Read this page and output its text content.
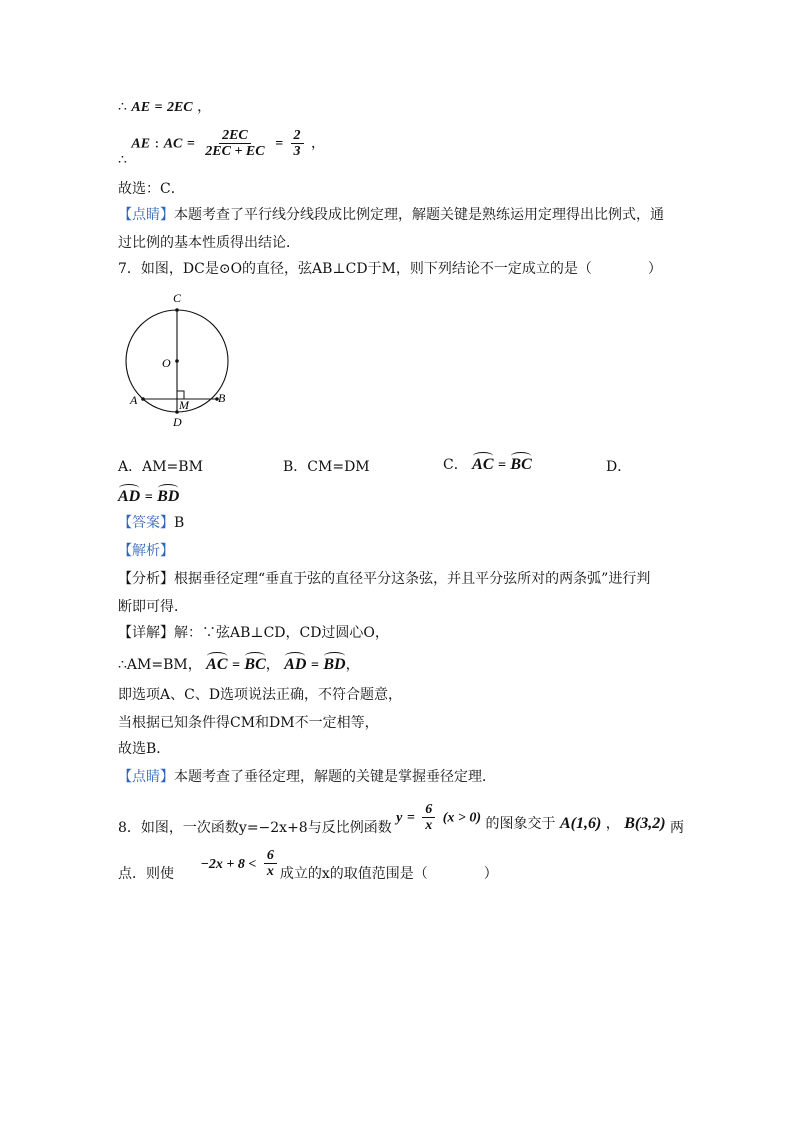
∴ AE = 2EC ，
∴ AE : AC = $\frac{2EC}{2EC + EC} = \frac{2}{3}$ ，
故选：C．
【点睛】本题考查了平行线分线段成比例定理，解题关键是熟练运用定理得出比例式，通
过比例的基本性质得出结论．
7．如图，DC是⊙O的直径，弦AB⊥CD于M，则下列结论不一定成立的是（　　　　）
C
O
A	B
M
D
A．AM=BM	B．CM=DM	C． AC = BC	D．
AD = BD
【答案】B
【解析】
【分析】根据垂径定理“垂直于弦的直径平分这条弦，并且平分弦所对的两条弧”进行判
断即可得．
【详解】解：∵弦AB⊥CD，CD过圆心O，
∴AM=BM， AC = BC， AD = BD，
即选项A、C、D选项说法正确，不符合题意，
当根据已知条件得CM和DM不一定相等，
故选B．
【点睛】本题考查了垂径定理，解题的关键是掌握垂径定理．
8．如图，一次函数y=−2x+8与反比例函数 $y = \frac{6}{x} (x > 0)$ 的图象交于 A(1,6) ， B(3,2) 两
点．则使 $-2x + 8 < \frac{6}{x}$ 成立的x的取值范围是（　　　　）
